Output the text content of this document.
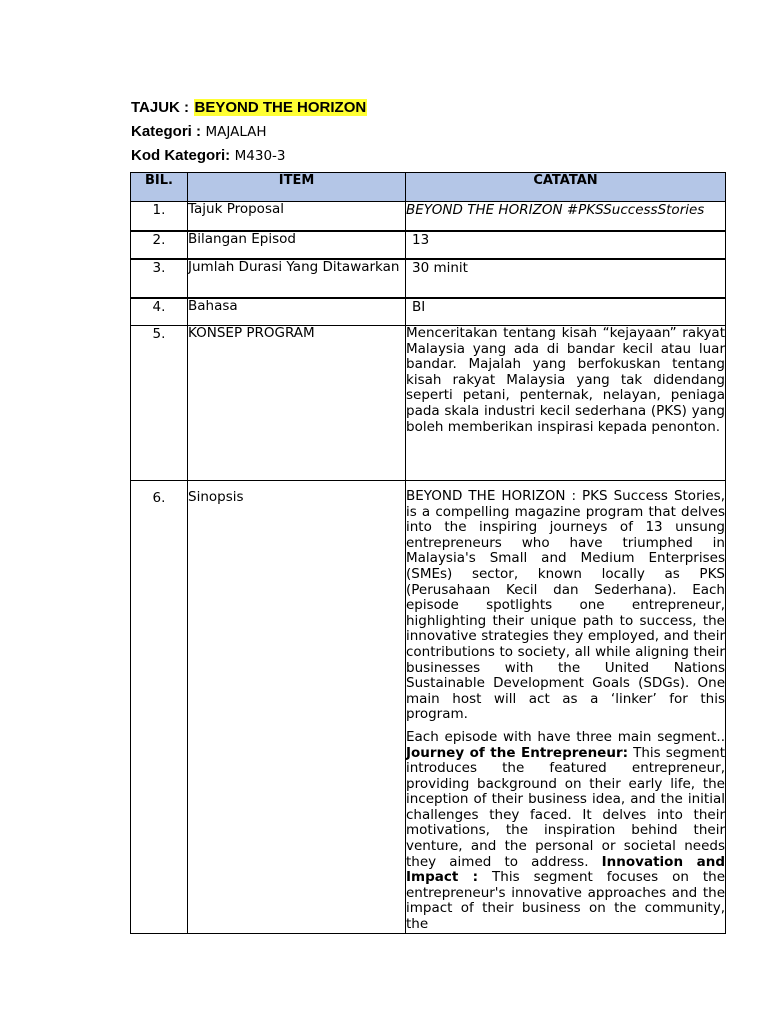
TAJUK : BEYOND THE HORIZON
Kategori : MAJALAH
Kod Kategori: M430-3
BIL.	ITEM	CATATAN
1.	Tajuk Proposal	BEYOND THE HORIZON #PKSSuccessStories
2.	Bilangan Episod	13
3.	Jumlah Durasi Yang Ditawarkan	30 minit
4.	Bahasa	BI
5.	KONSEP PROGRAM	Menceritakan tentang kisah “kejayaan” rakyat Malaysia yang ada di bandar kecil atau luar bandar. Majalah yang berfokuskan tentang kisah rakyat Malaysia yang tak didendang seperti petani, penternak, nelayan, peniaga pada skala industri kecil sederhana (PKS) yang boleh memberikan inspirasi kepada penonton.

6.	Sinopsis	BEYOND THE HORIZON : PKS Success Stories, is a compelling magazine program that delves into the inspiring journeys of 13 unsung entrepreneurs who have triumphed in Malaysia's Small and Medium Enterprises (SMEs) sector, known locally as PKS (Perusahaan Kecil dan Sederhana). Each episode spotlights one entrepreneur, highlighting their unique path to success, the innovative strategies they employed, and their contributions to society, all while aligning their businesses with the United Nations Sustainable Development Goals (SDGs). One main host will act as a ‘linker’ for this program.

Each episode with have three main segment.. Journey of the Entrepreneur: This segment introduces the featured entrepreneur, providing background on their early life, the inception of their business idea, and the initial challenges they faced. It delves into their motivations, the inspiration behind their venture, and the personal or societal needs they aimed to address. Innovation and Impact : This segment focuses on the entrepreneur's innovative approaches and the impact of their business on the community, the
